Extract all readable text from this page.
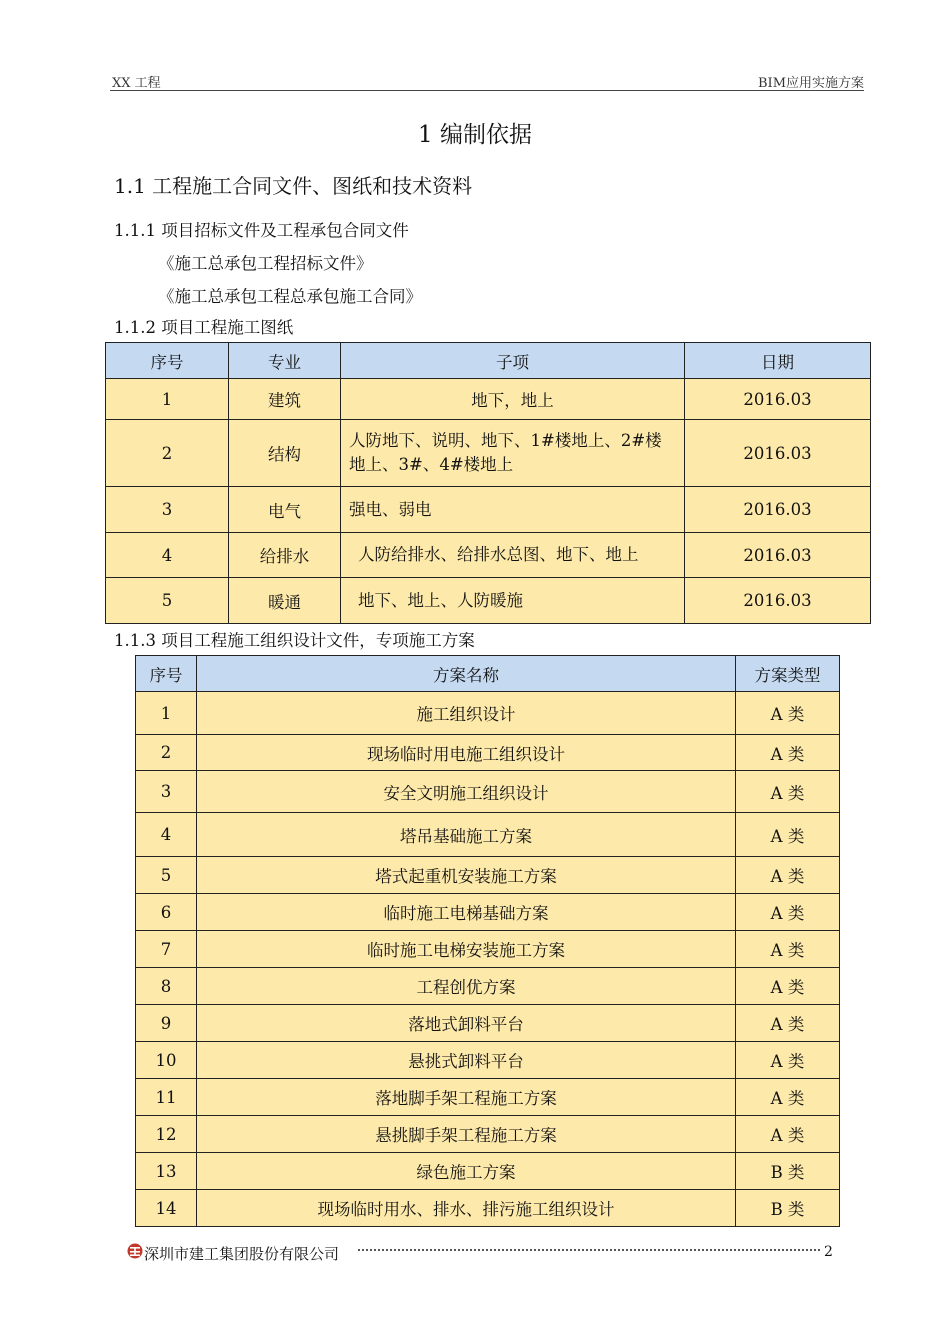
XX 工程	BIM应用实施方案
1 编制依据
1.1 工程施工合同文件、图纸和技术资料
1.1.1 项目招标文件及工程承包合同文件
《施工总承包工程招标文件》
《施工总承包工程总承包施工合同》
1.1.2 项目工程施工图纸
序号	专业	子项	日期
1	建筑	地下，地上	2016.03
2	结构	人防地下、说明、地下、1#楼地上、2#楼地上、3#、4#楼地上	2016.03
3	电气	强电、弱电	2016.03
4	给排水	人防给排水、给排水总图、地下、地上	2016.03
5	暖通	地下、地上、人防暖施	2016.03
1.1.3 项目工程施工组织设计文件，专项施工方案
序号	方案名称	方案类型
1	施工组织设计	A 类
2	现场临时用电施工组织设计	A 类
3	安全文明施工组织设计	A 类
4	塔吊基础施工方案	A 类
5	塔式起重机安装施工方案	A 类
6	临时施工电梯基础方案	A 类
7	临时施工电梯安装施工方案	A 类
8	工程创优方案	A 类
9	落地式卸料平台	A 类
10	悬挑式卸料平台	A 类
11	落地脚手架工程施工方案	A 类
12	悬挑脚手架工程施工方案	A 类
13	绿色施工方案	B 类
14	现场临时用水、排水、排污施工组织设计	B 类
深圳市建工集团股份有限公司	2
